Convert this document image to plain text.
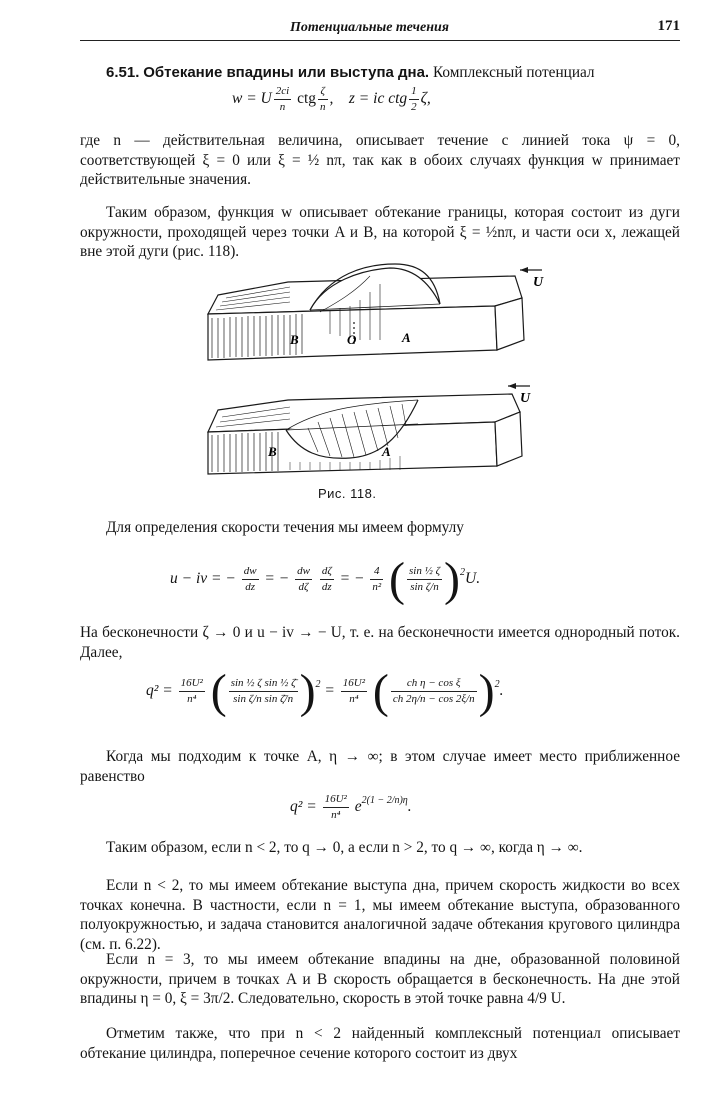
Потенциальные течения	171
6.51. Обтекание впадины или выступа дна. Комплексный потенциал
w = U $\frac{2ci}{n}$ ctg $\frac{\zeta}{n}$ , z = ic ctg $\frac{1}{2} \zeta$,
где n — действительная величина, описывает течение с линией тока ψ = 0, соответствующей ξ = 0 или ξ = ½ nπ, так как в обоих случаях функция w принимает действительные значения.
Таким образом, функция w описывает обтекание границы, которая состоит из дуги окружности, проходящей через точки A и B, на которой ξ = ½nπ, и части оси x, лежащей вне этой дуги (рис. 118).
U
B	O	A
U
B	A
Рис. 118.
Для определения скорости течения мы имеем формулу
u − iv = − $\frac{dw}{dz}$ = − $\frac{dw}{d\zeta}$
$\frac{d\zeta}{dz}$ = − $\frac{4}{\text{n²}}$ ( $\frac{\text{sin ½ ζ}}{\text{sin ζ/n}} )^2U$.
На бесконечности ζ → 0 и u − iv → − U, т. е. на бесконечности имеется однородный поток. Далее,
$q^2 = \frac{\text{16U²}}{\text{n⁴}}$ ( $\frac{\text{sin ½ ζ sin ½ ζ̄}}{\text{sin ζ/n sin ζ̄/n}} )^2 = \frac{\text{16U²}}{\text{n⁴}}$ ( $\frac{\text{ch η − cos ξ}}{ch 2\eta/n - \cos 2\xi/n} )^2$.
Когда мы подходим к точке A, η → ∞; в этом случае имеет место приближенное равенство
$q^2 = \frac{\text{16U²}}{\text{n⁴}} e^{2(1 - 2/n)\eta}$.
Таким образом, если n < 2, то q → 0, а если n > 2, то q → ∞, когда η → ∞.
Если n < 2, то мы имеем обтекание выступа дна, причем скорость жидкости во всех точках конечна. В частности, если n = 1, мы имеем обтекание выступа, образованного полуокружностью, и задача становится аналогичной задаче обтекания кругового цилиндра (см. п. 6.22).
Если n = 3, то мы имеем обтекание впадины на дне, образованной половиной окружности, причем в точках A и B скорость обращается в бесконечность. На дне этой впадины η = 0, ξ = 3π/2. Следовательно, скорость в этой точке равна 4/9 U.
Отметим также, что при n < 2 найденный комплексный потенциал описывает обтекание цилиндра, поперечное сечение которого состоит из двух
